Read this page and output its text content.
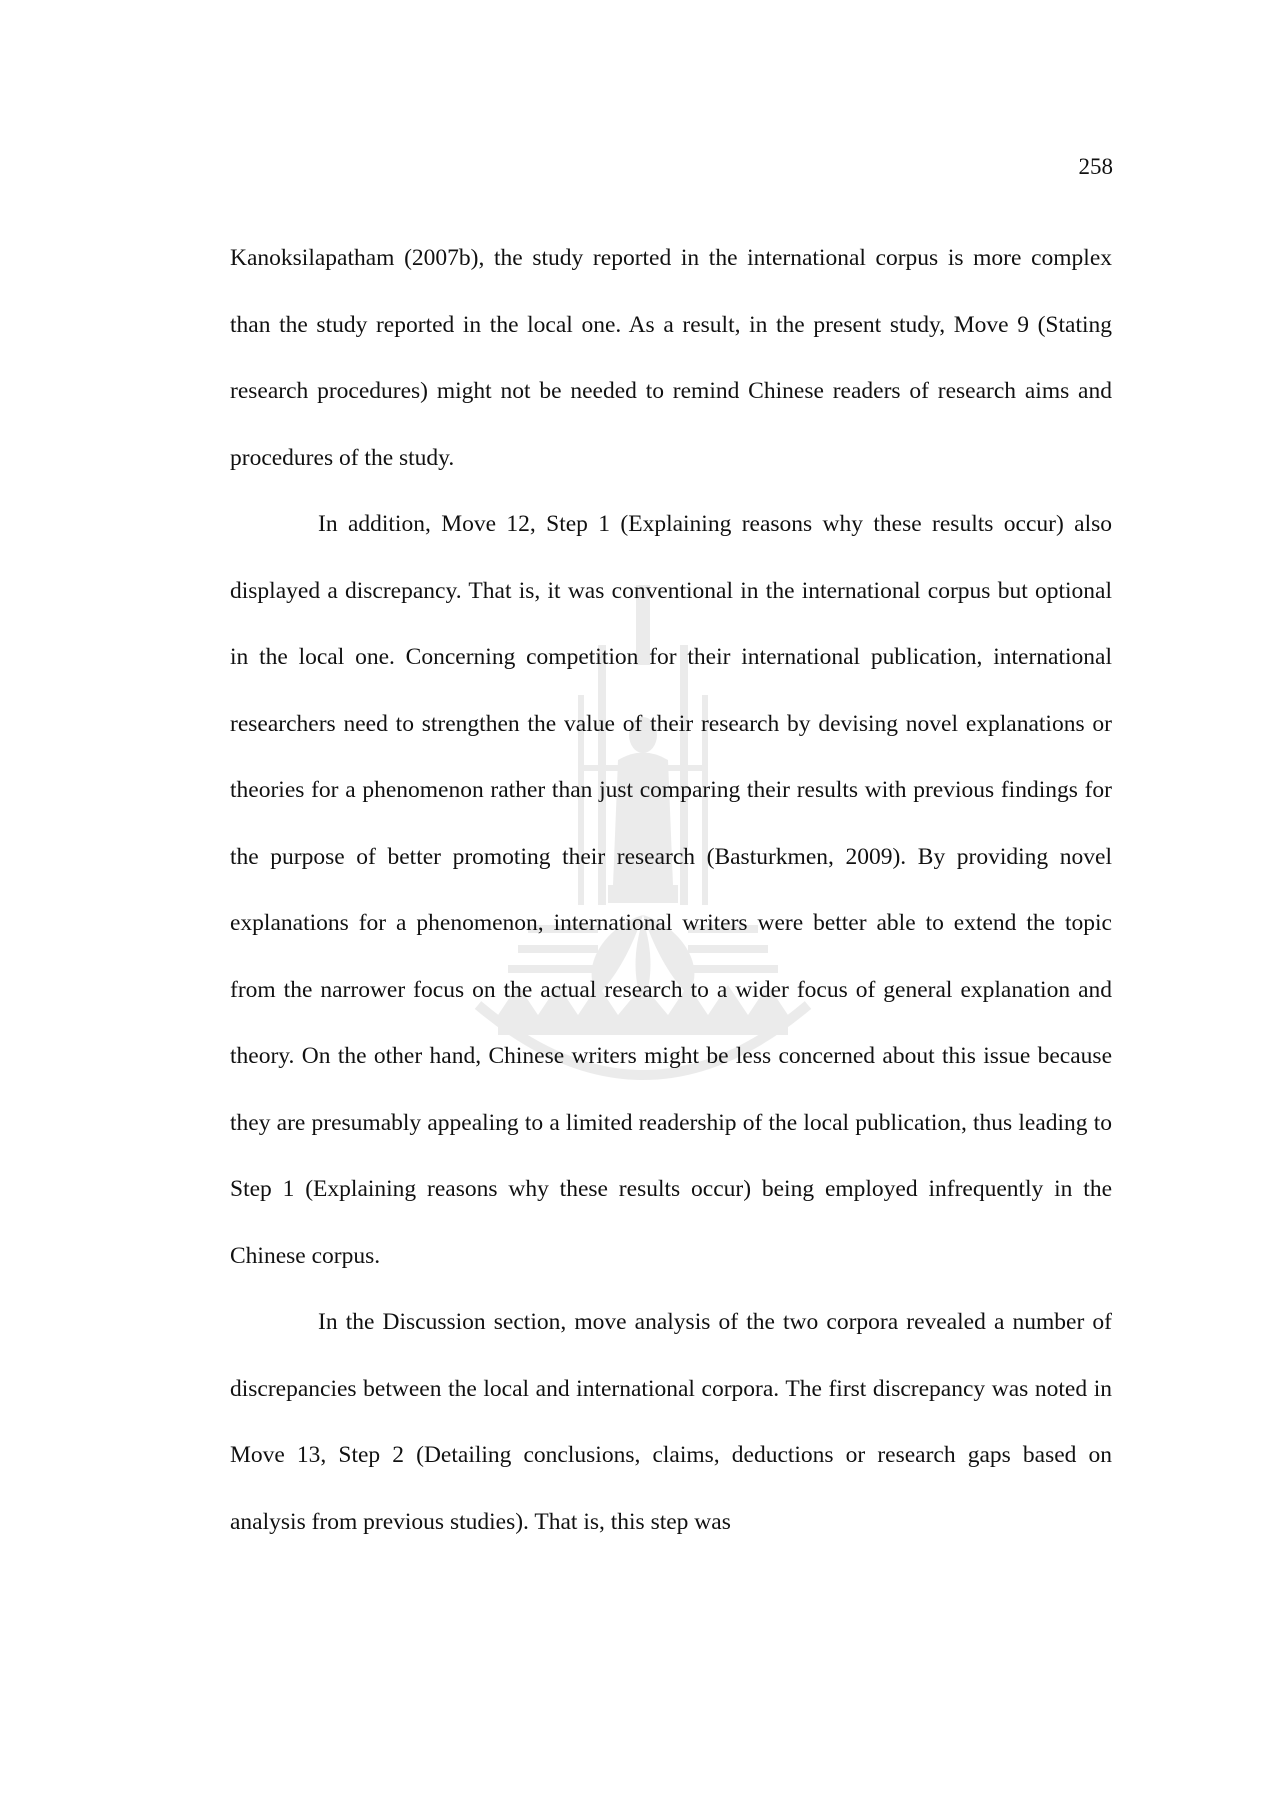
258

Kanoksilapatham (2007b), the study reported in the international corpus is more complex than the study reported in the local one. As a result, in the present study, Move 9 (Stating research procedures) might not be needed to remind Chinese readers of research aims and procedures of the study.

In addition, Move 12, Step 1 (Explaining reasons why these results occur) also displayed a discrepancy. That is, it was conventional in the international corpus but optional in the local one. Concerning competition for their international publication, international researchers need to strengthen the value of their research by devising novel explanations or theories for a phenomenon rather than just comparing their results with previous findings for the purpose of better promoting their research (Basturkmen, 2009). By providing novel explanations for a phenomenon, international writers were better able to extend the topic from the narrower focus on the actual research to a wider focus of general explanation and theory. On the other hand, Chinese writers might be less concerned about this issue because they are presumably appealing to a limited readership of the local publication, thus leading to Step 1 (Explaining reasons why these results occur) being employed infrequently in the Chinese corpus.

In the Discussion section, move analysis of the two corpora revealed a number of discrepancies between the local and international corpora. The first discrepancy was noted in Move 13, Step 2 (Detailing conclusions, claims, deductions or research gaps based on analysis from previous studies). That is, this step was
